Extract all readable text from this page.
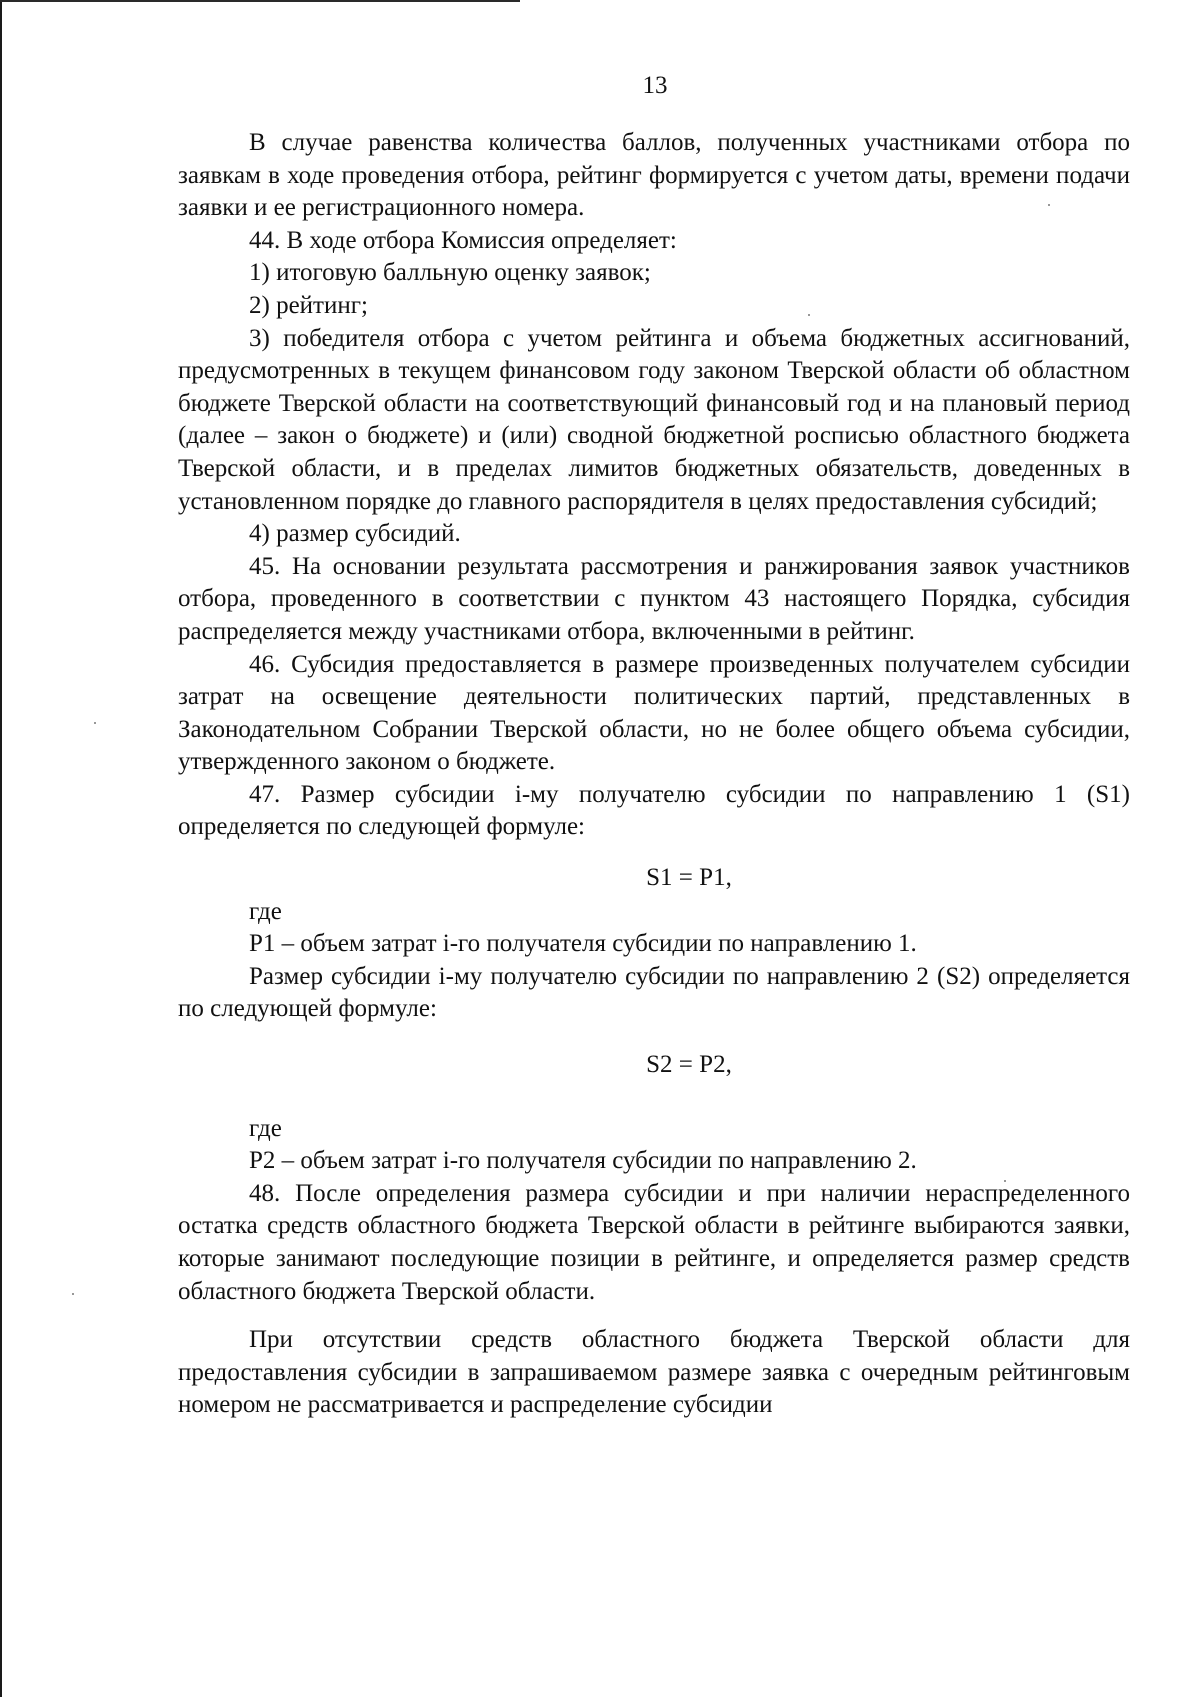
13

В случае равенства количества баллов, полученных участниками отбора по заявкам в ходе проведения отбора, рейтинг формируется с учетом даты, времени подачи заявки и ее регистрационного номера.

44. В ходе отбора Комиссия определяет:

1) итоговую балльную оценку заявок;

2) рейтинг;

3) победителя отбора с учетом рейтинга и объема бюджетных ассигнований, предусмотренных в текущем финансовом году законом Тверской области об областном бюджете Тверской области на соответствующий финансовый год и на плановый период (далее – закон о бюджете) и (или) сводной бюджетной росписью областного бюджета Тверской области, и в пределах лимитов бюджетных обязательств, доведенных в установленном порядке до главного распорядителя в целях предоставления субсидий;

4) размер субсидий.

45. На основании результата рассмотрения и ранжирования заявок участников отбора, проведенного в соответствии с пунктом 43 настоящего Порядка, субсидия распределяется между участниками отбора, включенными в рейтинг.

46. Субсидия предоставляется в размере произведенных получателем субсидии затрат на освещение деятельности политических партий, представленных в Законодательном Собрании Тверской области, но не более общего объема субсидии, утвержденного законом о бюджете.

47. Размер субсидии i-му получателю субсидии по направлению 1 (S1) определяется по следующей формуле:

S1 = P1,

где

P1 – объем затрат i-го получателя субсидии по направлению 1.

Размер субсидии i-му получателю субсидии по направлению 2 (S2) определяется по следующей формуле:

S2 = P2,

где

P2 – объем затрат i-го получателя субсидии по направлению 2.

48. После определения размера субсидии и при наличии нераспределенного остатка средств областного бюджета Тверской области в рейтинге выбираются заявки, которые занимают последующие позиции в рейтинге, и определяется размер средств областного бюджета Тверской области.

При отсутствии средств областного бюджета Тверской области для предоставления субсидии в запрашиваемом размере заявка с очередным рейтинговым номером не рассматривается и распределение субсидии
